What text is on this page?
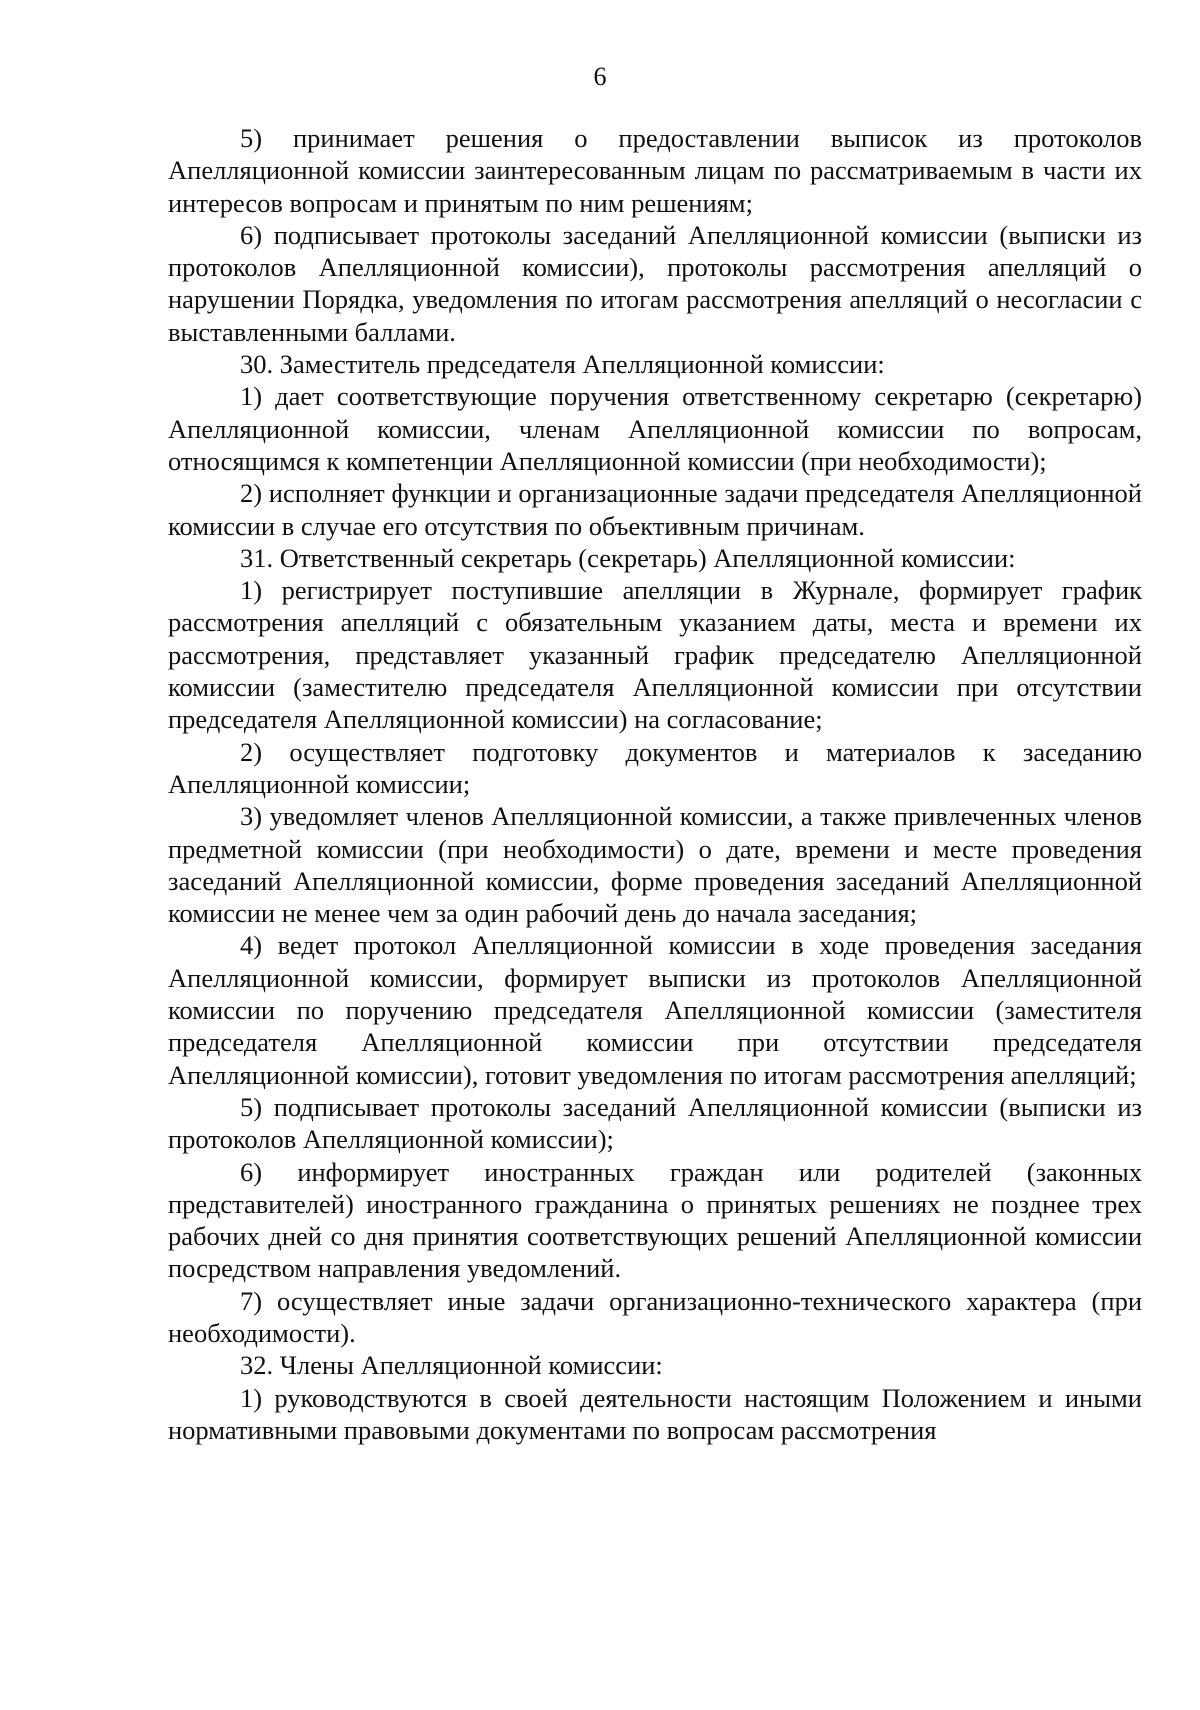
6

5) принимает решения о предоставлении выписок из протоколов Апелляционной комиссии заинтересованным лицам по рассматриваемым в части их интересов вопросам и принятым по ним решениям;

6) подписывает протоколы заседаний Апелляционной комиссии (выписки из протоколов Апелляционной комиссии), протоколы рассмотрения апелляций о нарушении Порядка, уведомления по итогам рассмотрения апелляций о несогласии с выставленными баллами.

30. Заместитель председателя Апелляционной комиссии:

1) дает соответствующие поручения ответственному секретарю (секретарю) Апелляционной комиссии, членам Апелляционной комиссии по вопросам, относящимся к компетенции Апелляционной комиссии (при необходимости);

2) исполняет функции и организационные задачи председателя Апелляционной комиссии в случае его отсутствия по объективным причинам.

31. Ответственный секретарь (секретарь) Апелляционной комиссии:

1) регистрирует поступившие апелляции в Журнале, формирует график рассмотрения апелляций с обязательным указанием даты, места и времени их рассмотрения, представляет указанный график председателю Апелляционной комиссии (заместителю председателя Апелляционной комиссии при отсутствии председателя Апелляционной комиссии) на согласование;

2) осуществляет подготовку документов и материалов к заседанию Апелляционной комиссии;

3) уведомляет членов Апелляционной комиссии, а также привлеченных членов предметной комиссии (при необходимости) о дате, времени и месте проведения заседаний Апелляционной комиссии, форме проведения заседаний Апелляционной комиссии не менее чем за один рабочий день до начала заседания;

4) ведет протокол Апелляционной комиссии в ходе проведения заседания Апелляционной комиссии, формирует выписки из протоколов Апелляционной комиссии по поручению председателя Апелляционной комиссии (заместителя председателя Апелляционной комиссии при отсутствии председателя Апелляционной комиссии), готовит уведомления по итогам рассмотрения апелляций;

5) подписывает протоколы заседаний Апелляционной комиссии (выписки из протоколов Апелляционной комиссии);

6) информирует иностранных граждан или родителей (законных представителей) иностранного гражданина о принятых решениях не позднее трех рабочих дней со дня принятия соответствующих решений Апелляционной комиссии посредством направления уведомлений.

7) осуществляет иные задачи организационно-технического характера (при необходимости).

32. Члены Апелляционной комиссии:

1) руководствуются в своей деятельности настоящим Положением и иными нормативными правовыми документами по вопросам рассмотрения
